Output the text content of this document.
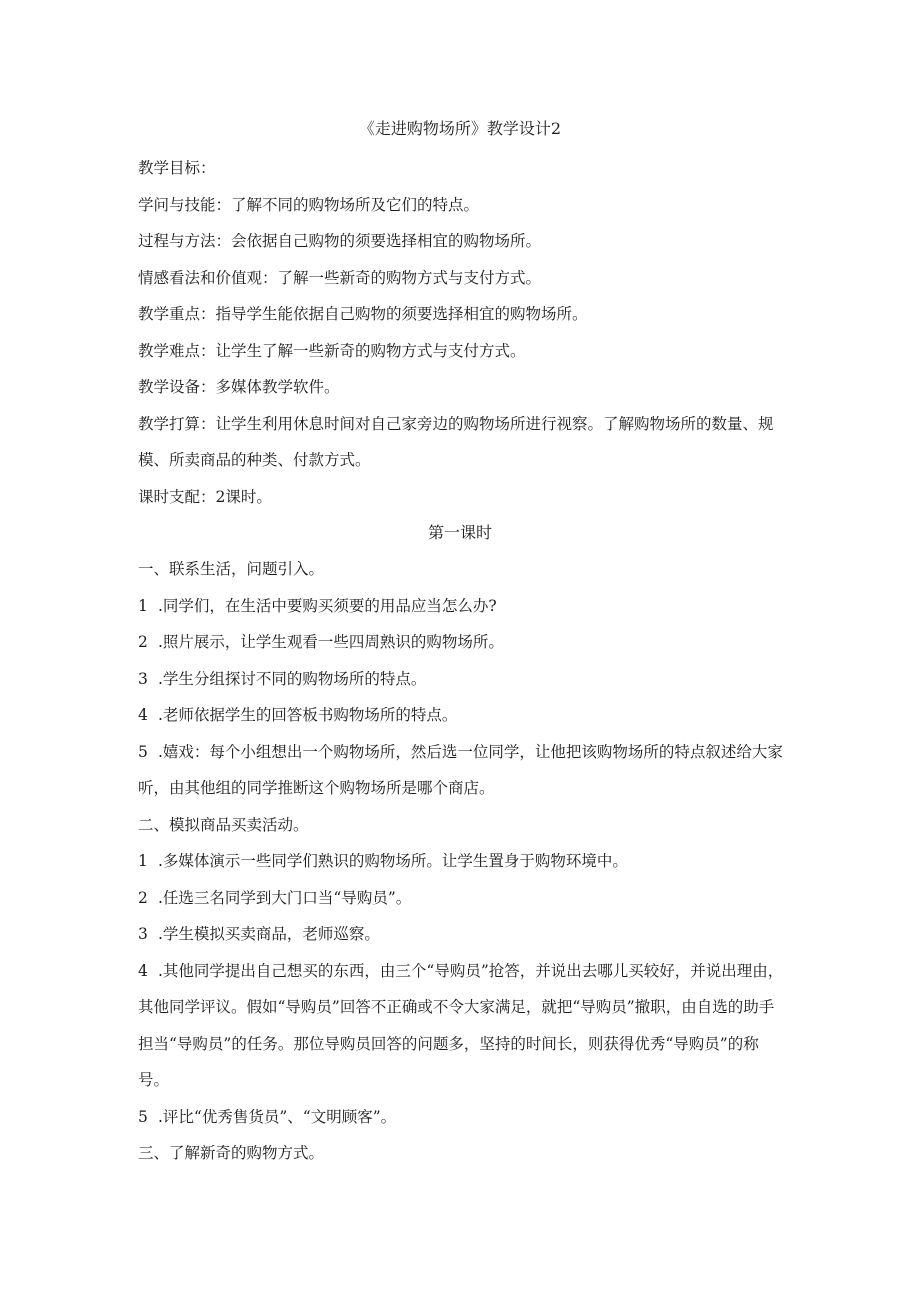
《走进购物场所》教学设计2

教学目标：

学问与技能：了解不同的购物场所及它们的特点。

过程与方法：会依据自己购物的须要选择相宜的购物场所。

情感看法和价值观：了解一些新奇的购物方式与支付方式。

教学重点：指导学生能依据自己购物的须要选择相宜的购物场所。

教学难点：让学生了解一些新奇的购物方式与支付方式。

教学设备：多媒体教学软件。

教学打算：让学生利用休息时间对自己家旁边的购物场所进行视察。了解购物场所的数量、规模、所卖商品的种类、付款方式。

课时支配：2课时。

一、联系生活，问题引入。

1 .同学们，在生活中要购买须要的用品应当怎么办?

2 .照片展示，让学生观看一些四周熟识的购物场所。

3 .学生分组探讨不同的购物场所的特点。

4 .老师依据学生的回答板书购物场所的特点。

5 .嬉戏：每个小组想出一个购物场所，然后选一位同学，让他把该购物场所的特点叙述给大家听，由其他组的同学推断这个购物场所是哪个商店。

二、模拟商品买卖活动。

1 .多媒体演示一些同学们熟识的购物场所。让学生置身于购物环境中。

2 .任选三名同学到大门口当“导购员”。

3 .学生模拟买卖商品，老师巡察。

4 .其他同学提出自己想买的东西，由三个“导购员”抢答，并说出去哪儿买较好，并说出理由，其他同学评议。假如“导购员”回答不正确或不令大家满足，就把“导购员”撤职，由自选的助手担当“导购员”的任务。那位导购员回答的问题多，坚持的时间长，则获得优秀“导购员”的称号。

5 .评比“优秀售货员”、“文明顾客”。

三、了解新奇的购物方式。

第一课时
